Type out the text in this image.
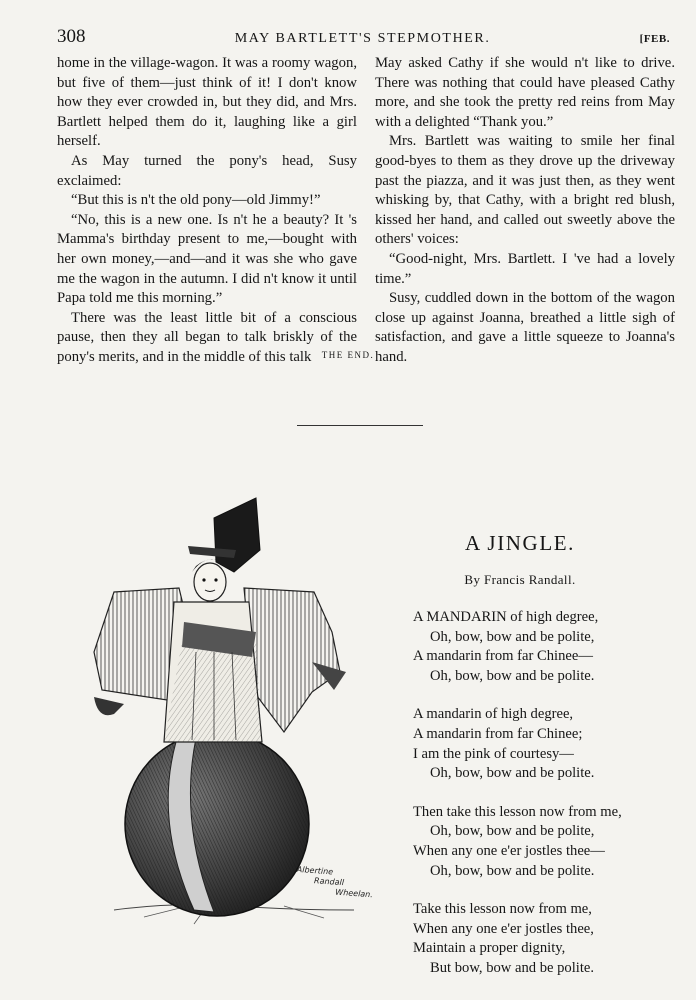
308	MAY BARTLETT'S STEPMOTHER.	[FEB.

home in the village-wagon. It was a roomy wagon, but five of them—just think of it! I don't know how they ever crowded in, but they did, and Mrs. Bartlett helped them do it, laughing like a girl herself.

As May turned the pony's head, Susy exclaimed:

“But this is n't the old pony—old Jimmy!”

“No, this is a new one. Is n't he a beauty? It 's Mamma's birthday present to me,—bought with her own money,—and—and it was she who gave me the wagon in the autumn. I did n't know it until Papa told me this morning.”

There was the least little bit of a conscious pause, then they all began to talk briskly of the pony's merits, and in the middle of this talk

May asked Cathy if she would n't like to drive. There was nothing that could have pleased Cathy more, and she took the pretty red reins from May with a delighted “Thank you.”

Mrs. Bartlett was waiting to smile her final good-byes to them as they drove up the driveway past the piazza, and it was just then, as they went whisking by, that Cathy, with a bright red blush, kissed her hand, and called out sweetly above the others' voices:

“Good-night, Mrs. Bartlett. I 've had a lovely time.”

Susy, cuddled down in the bottom of the wagon close up against Joanna, breathed a little sigh of satisfaction, and gave a little squeeze to Joanna's hand.

THE END.
Albertine
Randall
Wheelan.
A JINGLE.
By Francis Randall.
A MANDARIN of high degree,
Oh, bow, bow and be polite,
A mandarin from far Chinee—
Oh, bow, bow and be polite.
A mandarin of high degree,
A mandarin from far Chinee;
I am the pink of courtesy—
Oh, bow, bow and be polite.
Then take this lesson now from me,
Oh, bow, bow and be polite,
When any one e'er jostles thee—
Oh, bow, bow and be polite.
Take this lesson now from me,
When any one e'er jostles thee,
Maintain a proper dignity,
But bow, bow and be polite.
